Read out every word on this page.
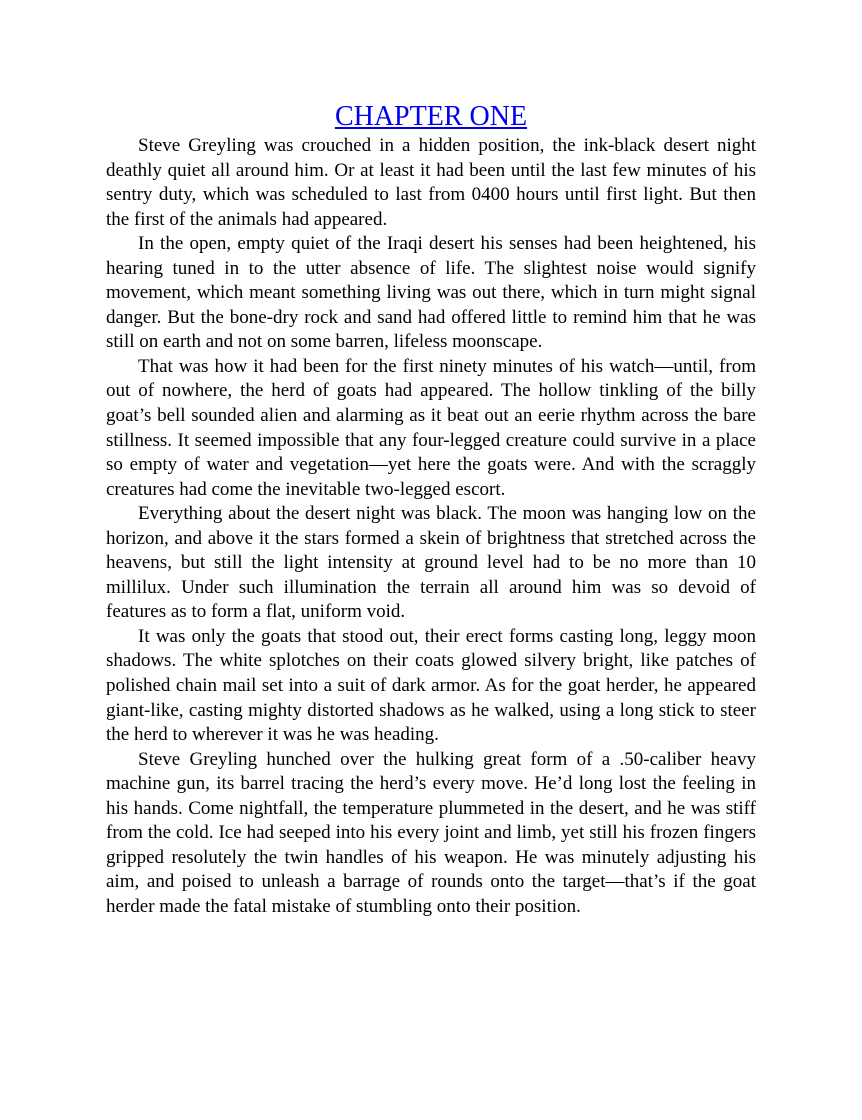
CHAPTER ONE

Steve Greyling was crouched in a hidden position, the ink-black desert night deathly quiet all around him. Or at least it had been until the last few minutes of his sentry duty, which was scheduled to last from 0400 hours until first light. But then the first of the animals had appeared.

In the open, empty quiet of the Iraqi desert his senses had been heightened, his hearing tuned in to the utter absence of life. The slightest noise would signify movement, which meant something living was out there, which in turn might signal danger. But the bone-dry rock and sand had offered little to remind him that he was still on earth and not on some barren, lifeless moonscape.

That was how it had been for the first ninety minutes of his watch—until, from out of nowhere, the herd of goats had appeared. The hollow tinkling of the billy goat’s bell sounded alien and alarming as it beat out an eerie rhythm across the bare stillness. It seemed impossible that any four-legged creature could survive in a place so empty of water and vegetation—yet here the goats were. And with the scraggly creatures had come the inevitable two-legged escort.

Everything about the desert night was black. The moon was hanging low on the horizon, and above it the stars formed a skein of brightness that stretched across the heavens, but still the light intensity at ground level had to be no more than 10 millilux. Under such illumination the terrain all around him was so devoid of features as to form a flat, uniform void.

It was only the goats that stood out, their erect forms casting long, leggy moon shadows. The white splotches on their coats glowed silvery bright, like patches of polished chain mail set into a suit of dark armor. As for the goat herder, he appeared giant-like, casting mighty distorted shadows as he walked, using a long stick to steer the herd to wherever it was he was heading.

Steve Greyling hunched over the hulking great form of a .50-caliber heavy machine gun, its barrel tracing the herd’s every move. He’d long lost the feeling in his hands. Come nightfall, the temperature plummeted in the desert, and he was stiff from the cold. Ice had seeped into his every joint and limb, yet still his frozen fingers gripped resolutely the twin handles of his weapon. He was minutely adjusting his aim, and poised to unleash a barrage of rounds onto the target—that’s if the goat herder made the fatal mistake of stumbling onto their position.
